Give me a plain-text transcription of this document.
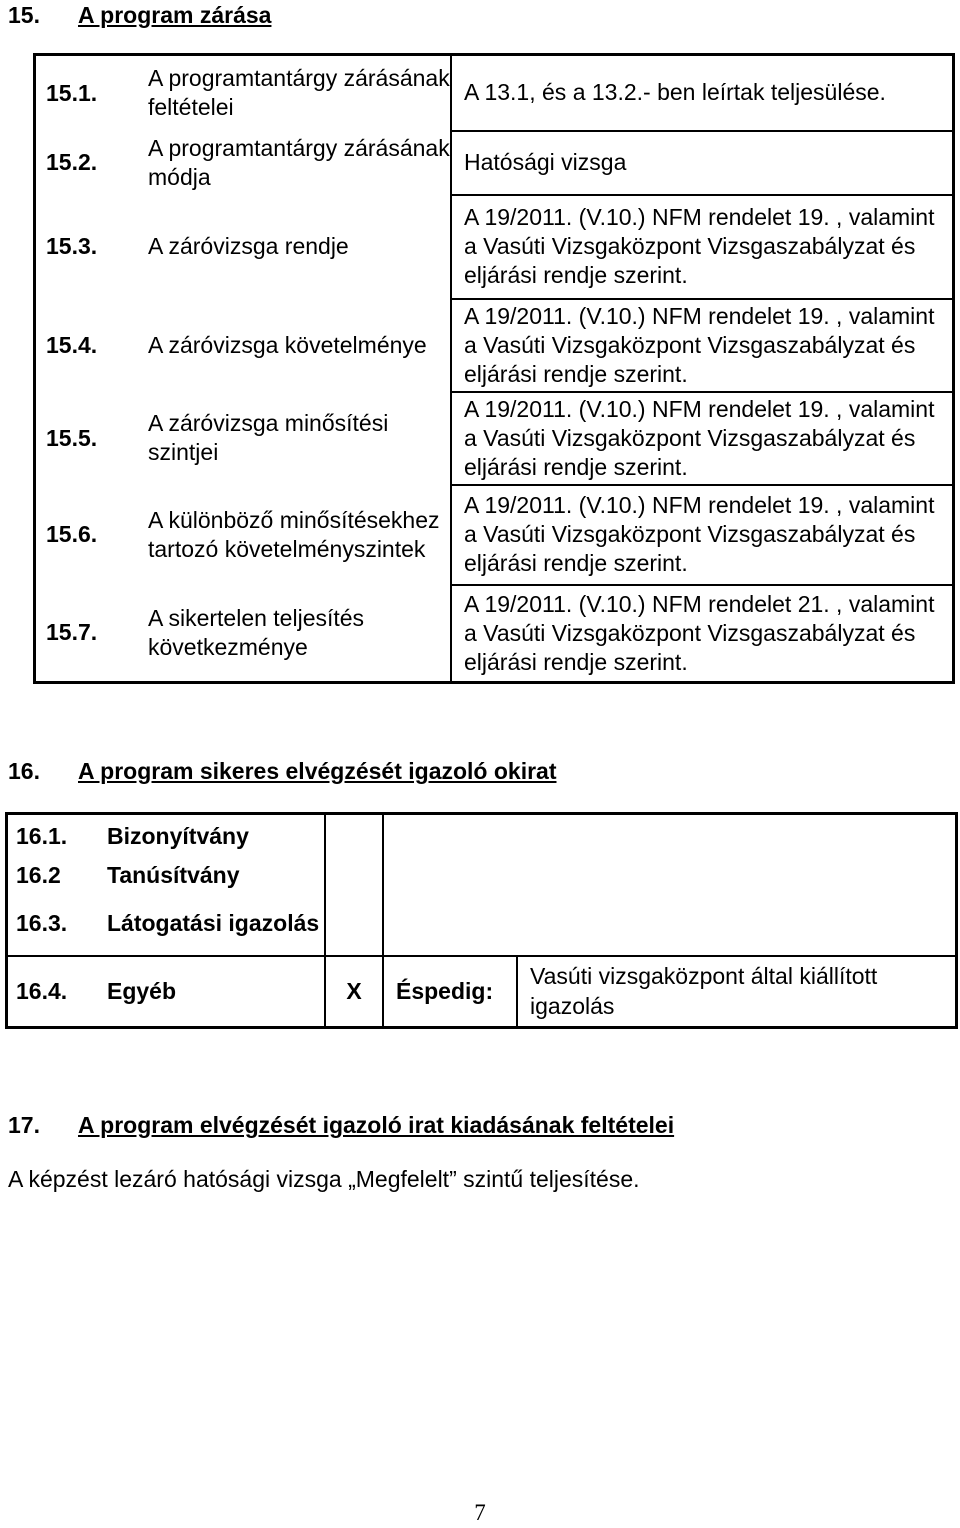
15. A program zárása
15.1.	A programtantárgy zárásának feltételei	A 13.1, és a 13.2.- ben leírtak teljesülése.
15.2.	A programtantárgy zárásának módja	Hatósági vizsga
15.3.	A záróvizsga rendje	A 19/2011. (V.10.) NFM rendelet 19. , valamint a Vasúti Vizsgaközpont Vizsgaszabályzat és eljárási rendje szerint.
15.4.	A záróvizsga követelménye	A 19/2011. (V.10.) NFM rendelet 19. , valamint a Vasúti Vizsgaközpont Vizsgaszabályzat és eljárási rendje szerint.
15.5.	A záróvizsga minősítési szintjei	A 19/2011. (V.10.) NFM rendelet 19. , valamint a Vasúti Vizsgaközpont Vizsgaszabályzat és eljárási rendje szerint.
15.6.	A különböző minősítésekhez tartozó követelményszintek	A 19/2011. (V.10.) NFM rendelet 19. , valamint a Vasúti Vizsgaközpont Vizsgaszabályzat és eljárási rendje szerint.
15.7.	A sikertelen teljesítés következménye	A 19/2011. (V.10.) NFM rendelet 21. , valamint a Vasúti Vizsgaközpont Vizsgaszabályzat és eljárási rendje szerint.
16. A program sikeres elvégzését igazoló okirat
16.1.	Bizonyítvány			
16.2	Tanúsítvány			
16.3.	Látogatási igazolás			
16.4.	Egyéb	X	Éspedig:	Vasúti vizsgaközpont által kiállított igazolás
17. A program elvégzését igazoló irat kiadásának feltételei
A képzést lezáró hatósági vizsga „Megfelelt” szintű teljesítése.
7
